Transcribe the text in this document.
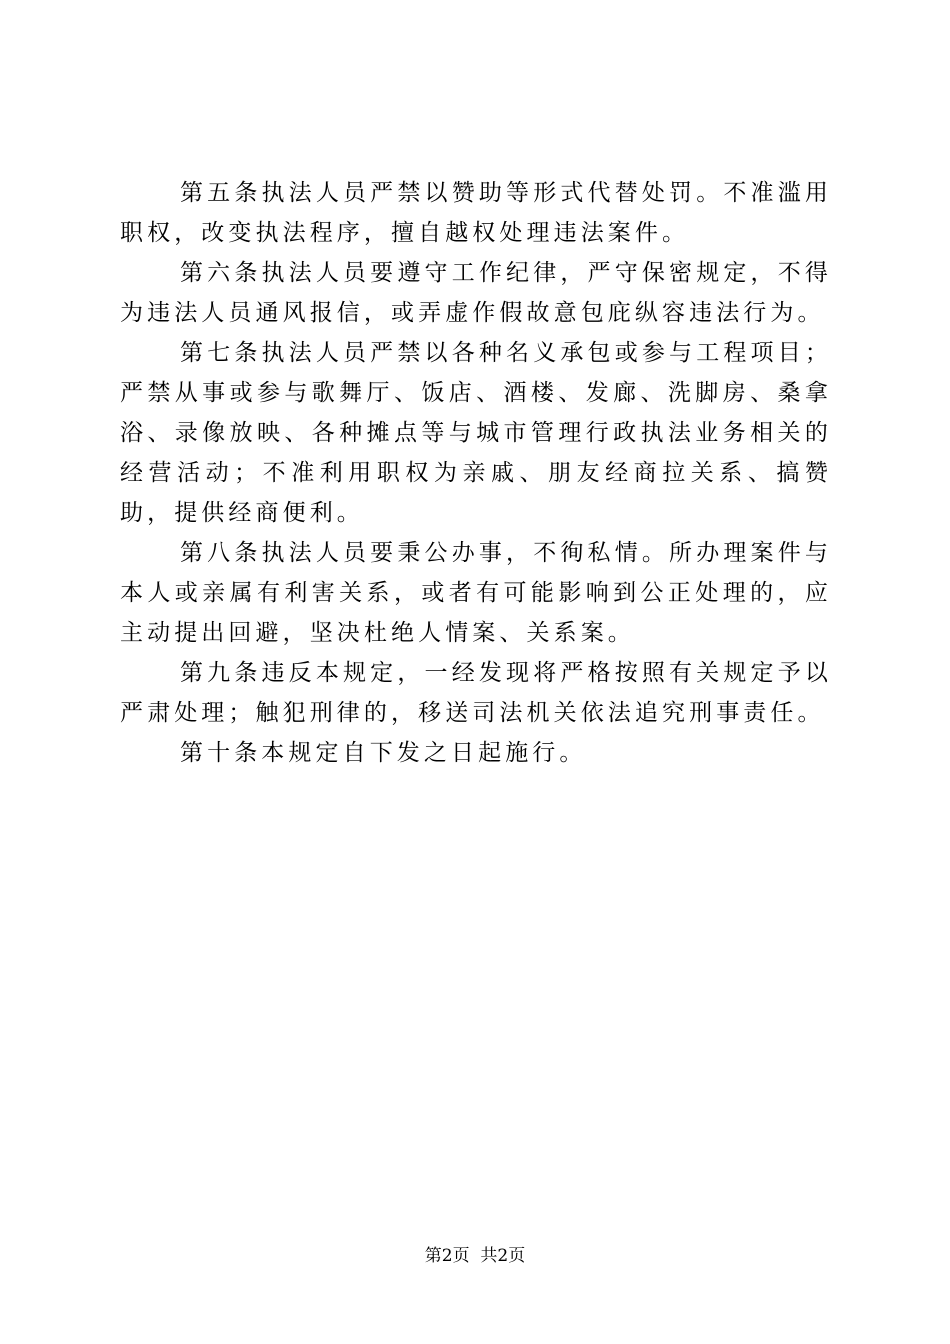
第五条执法人员严禁以赞助等形式代替处罚。不准滥用职权，改变执法程序，擅自越权处理违法案件。

第六条执法人员要遵守工作纪律，严守保密规定，不得为违法人员通风报信，或弄虚作假故意包庇纵容违法行为。

第七条执法人员严禁以各种名义承包或参与工程项目；严禁从事或参与歌舞厅、饭店、酒楼、发廊、洗脚房、桑拿浴、录像放映、各种摊点等与城市管理行政执法业务相关的经营活动；不准利用职权为亲戚、朋友经商拉关系、搞赞助，提供经商便利。

第八条执法人员要秉公办事，不徇私情。所办理案件与本人或亲属有利害关系，或者有可能影响到公正处理的，应主动提出回避，坚决杜绝人情案、关系案。

第九条违反本规定，一经发现将严格按照有关规定予以严肃处理；触犯刑律的，移送司法机关依法追究刑事责任。

第十条本规定自下发之日起施行。

第2页  共2页
